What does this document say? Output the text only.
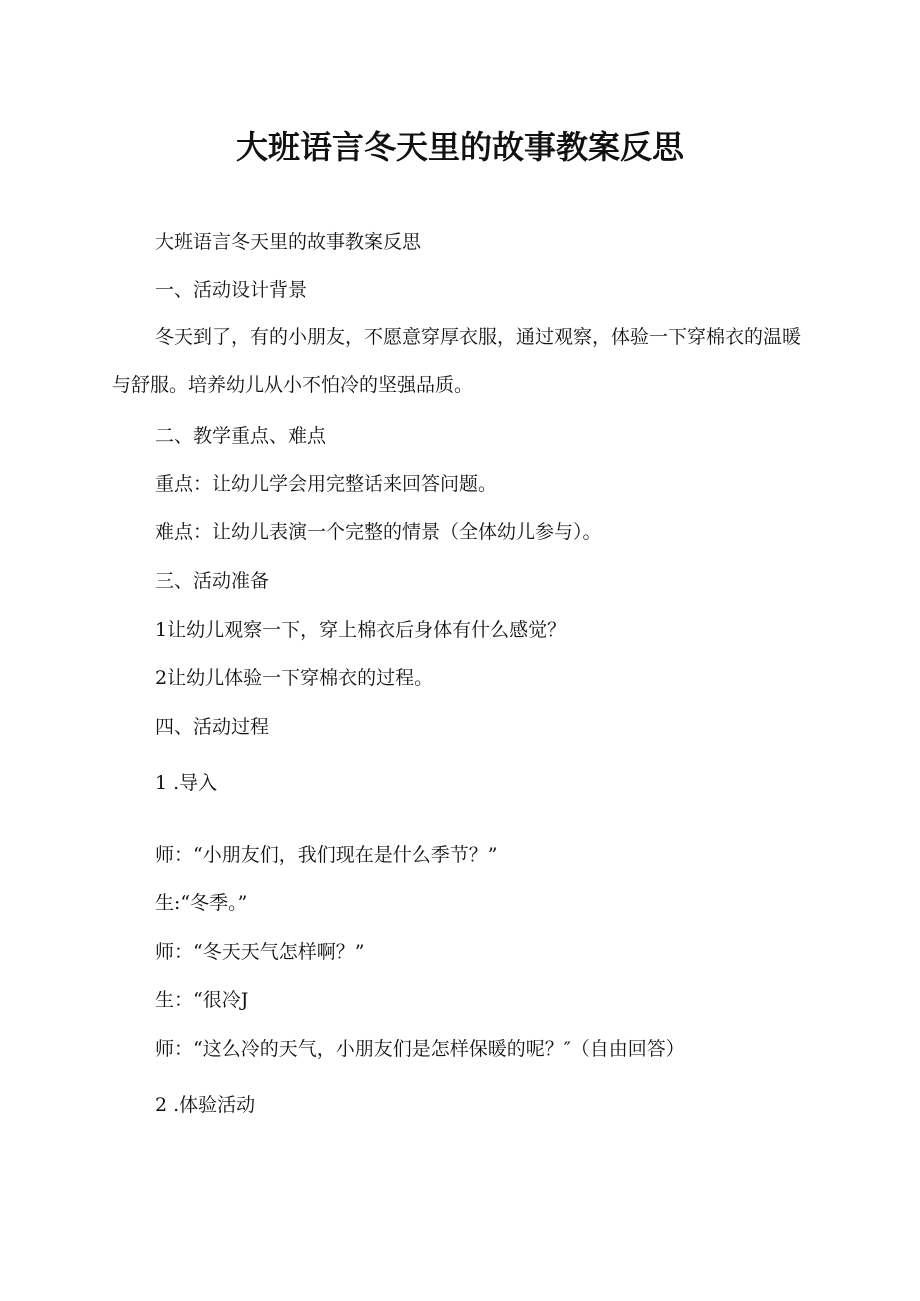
大班语言冬天里的故事教案反思

大班语言冬天里的故事教案反思

一、活动设计背景

冬天到了，有的小朋友，不愿意穿厚衣服，通过观察，体验一下穿棉衣的温暖与舒服。培养幼儿从小不怕冷的坚强品质。

二、教学重点、难点

重点：让幼儿学会用完整话来回答问题。

难点：让幼儿表演一个完整的情景（全体幼儿参与）。

三、活动准备

1让幼儿观察一下，穿上棉衣后身体有什么感觉？

2让幼儿体验一下穿棉衣的过程。

四、活动过程

1 .导入

师：“小朋友们，我们现在是什么季节？”

生:“冬季。”

师：“冬天天气怎样啊？”

生：“很冷J

师：“这么冷的天气，小朋友们是怎样保暖的呢？″（自由回答）

2 .体验活动
